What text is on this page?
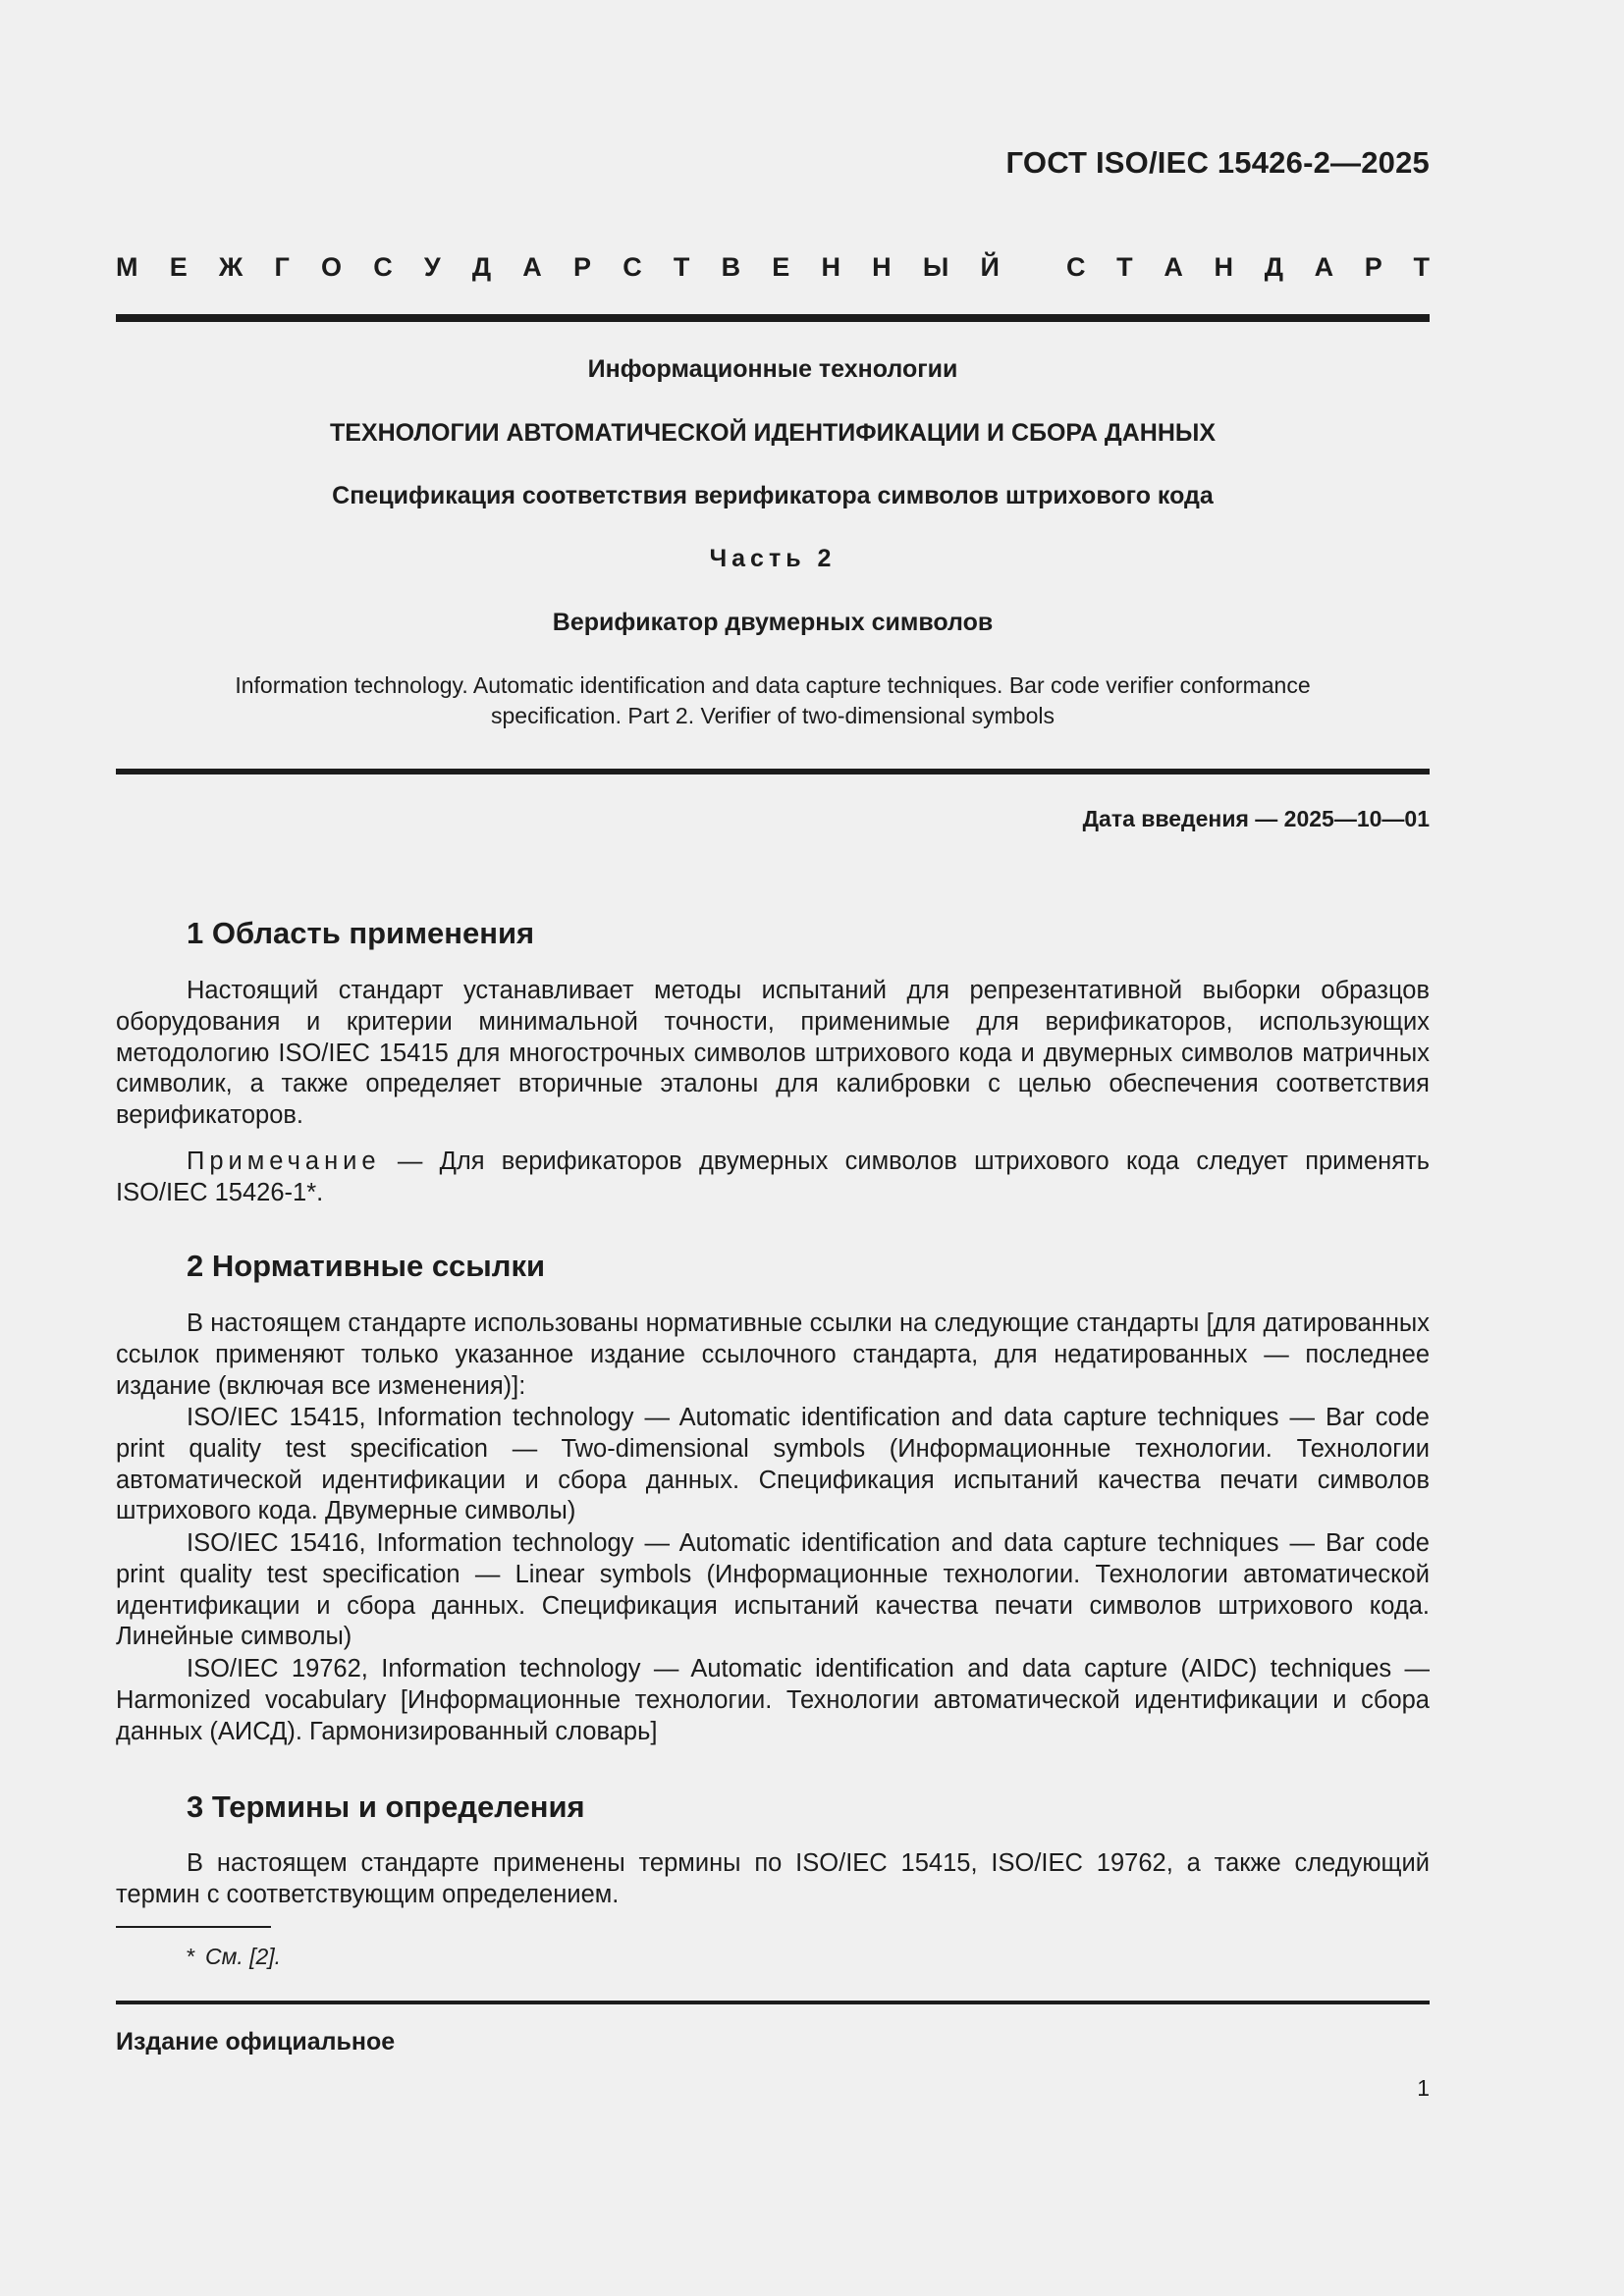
ГОСТ ISO/IEC 15426-2—2025
М Е Ж Г О С У Д А Р С Т В Е Н Н Ы Й	С Т А Н Д А Р Т
Информационные технологии
ТЕХНОЛОГИИ АВТОМАТИЧЕСКОЙ ИДЕНТИФИКАЦИИ И СБОРА ДАННЫХ
Спецификация соответствия верификатора символов штрихового кода
Часть 2
Верификатор двумерных символов
Information technology. Automatic identification and data capture techniques. Bar code verifier conformance
specification. Part 2. Verifier of two-dimensional symbols
Дата введения — 2025—10—01
1 Область применения

Настоящий стандарт устанавливает методы испытаний для репрезентативной выборки образцов оборудования и критерии минимальной точности, применимые для верификаторов, использующих методологию ISO/IEC 15415 для многострочных символов штрихового кода и двумерных символов матричных символик, а также определяет вторичные эталоны для калибровки с целью обеспечения соответствия верификаторов.

Примечание — Для верификаторов двумерных символов штрихового кода следует применять ISO/IEC 15426-1*.

2 Нормативные ссылки

В настоящем стандарте использованы нормативные ссылки на следующие стандарты [для датированных ссылок применяют только указанное издание ссылочного стандарта, для недатированных — последнее издание (включая все изменения)]:

ISO/IEC 15415, Information technology — Automatic identification and data capture techniques — Bar code print quality test specification — Two-dimensional symbols (Информационные технологии. Технологии автоматической идентификации и сбора данных. Спецификация испытаний качества печати символов штрихового кода. Двумерные символы)

ISO/IEC 15416, Information technology — Automatic identification and data capture techniques — Bar code print quality test specification — Linear symbols (Информационные технологии. Технологии автоматической идентификации и сбора данных. Спецификация испытаний качества печати символов штрихового кода. Линейные символы)

ISO/IEC 19762, Information technology — Automatic identification and data capture (AIDC) techniques — Harmonized vocabulary [Информационные технологии. Технологии автоматической идентификации и сбора данных (АИСД). Гармонизированный словарь]

3 Термины и определения

В настоящем стандарте применены термины по ISO/IEC 15415, ISO/IEC 19762, а также следующий термин с соответствующим определением.

* См. [2].
Издание официальное
1
